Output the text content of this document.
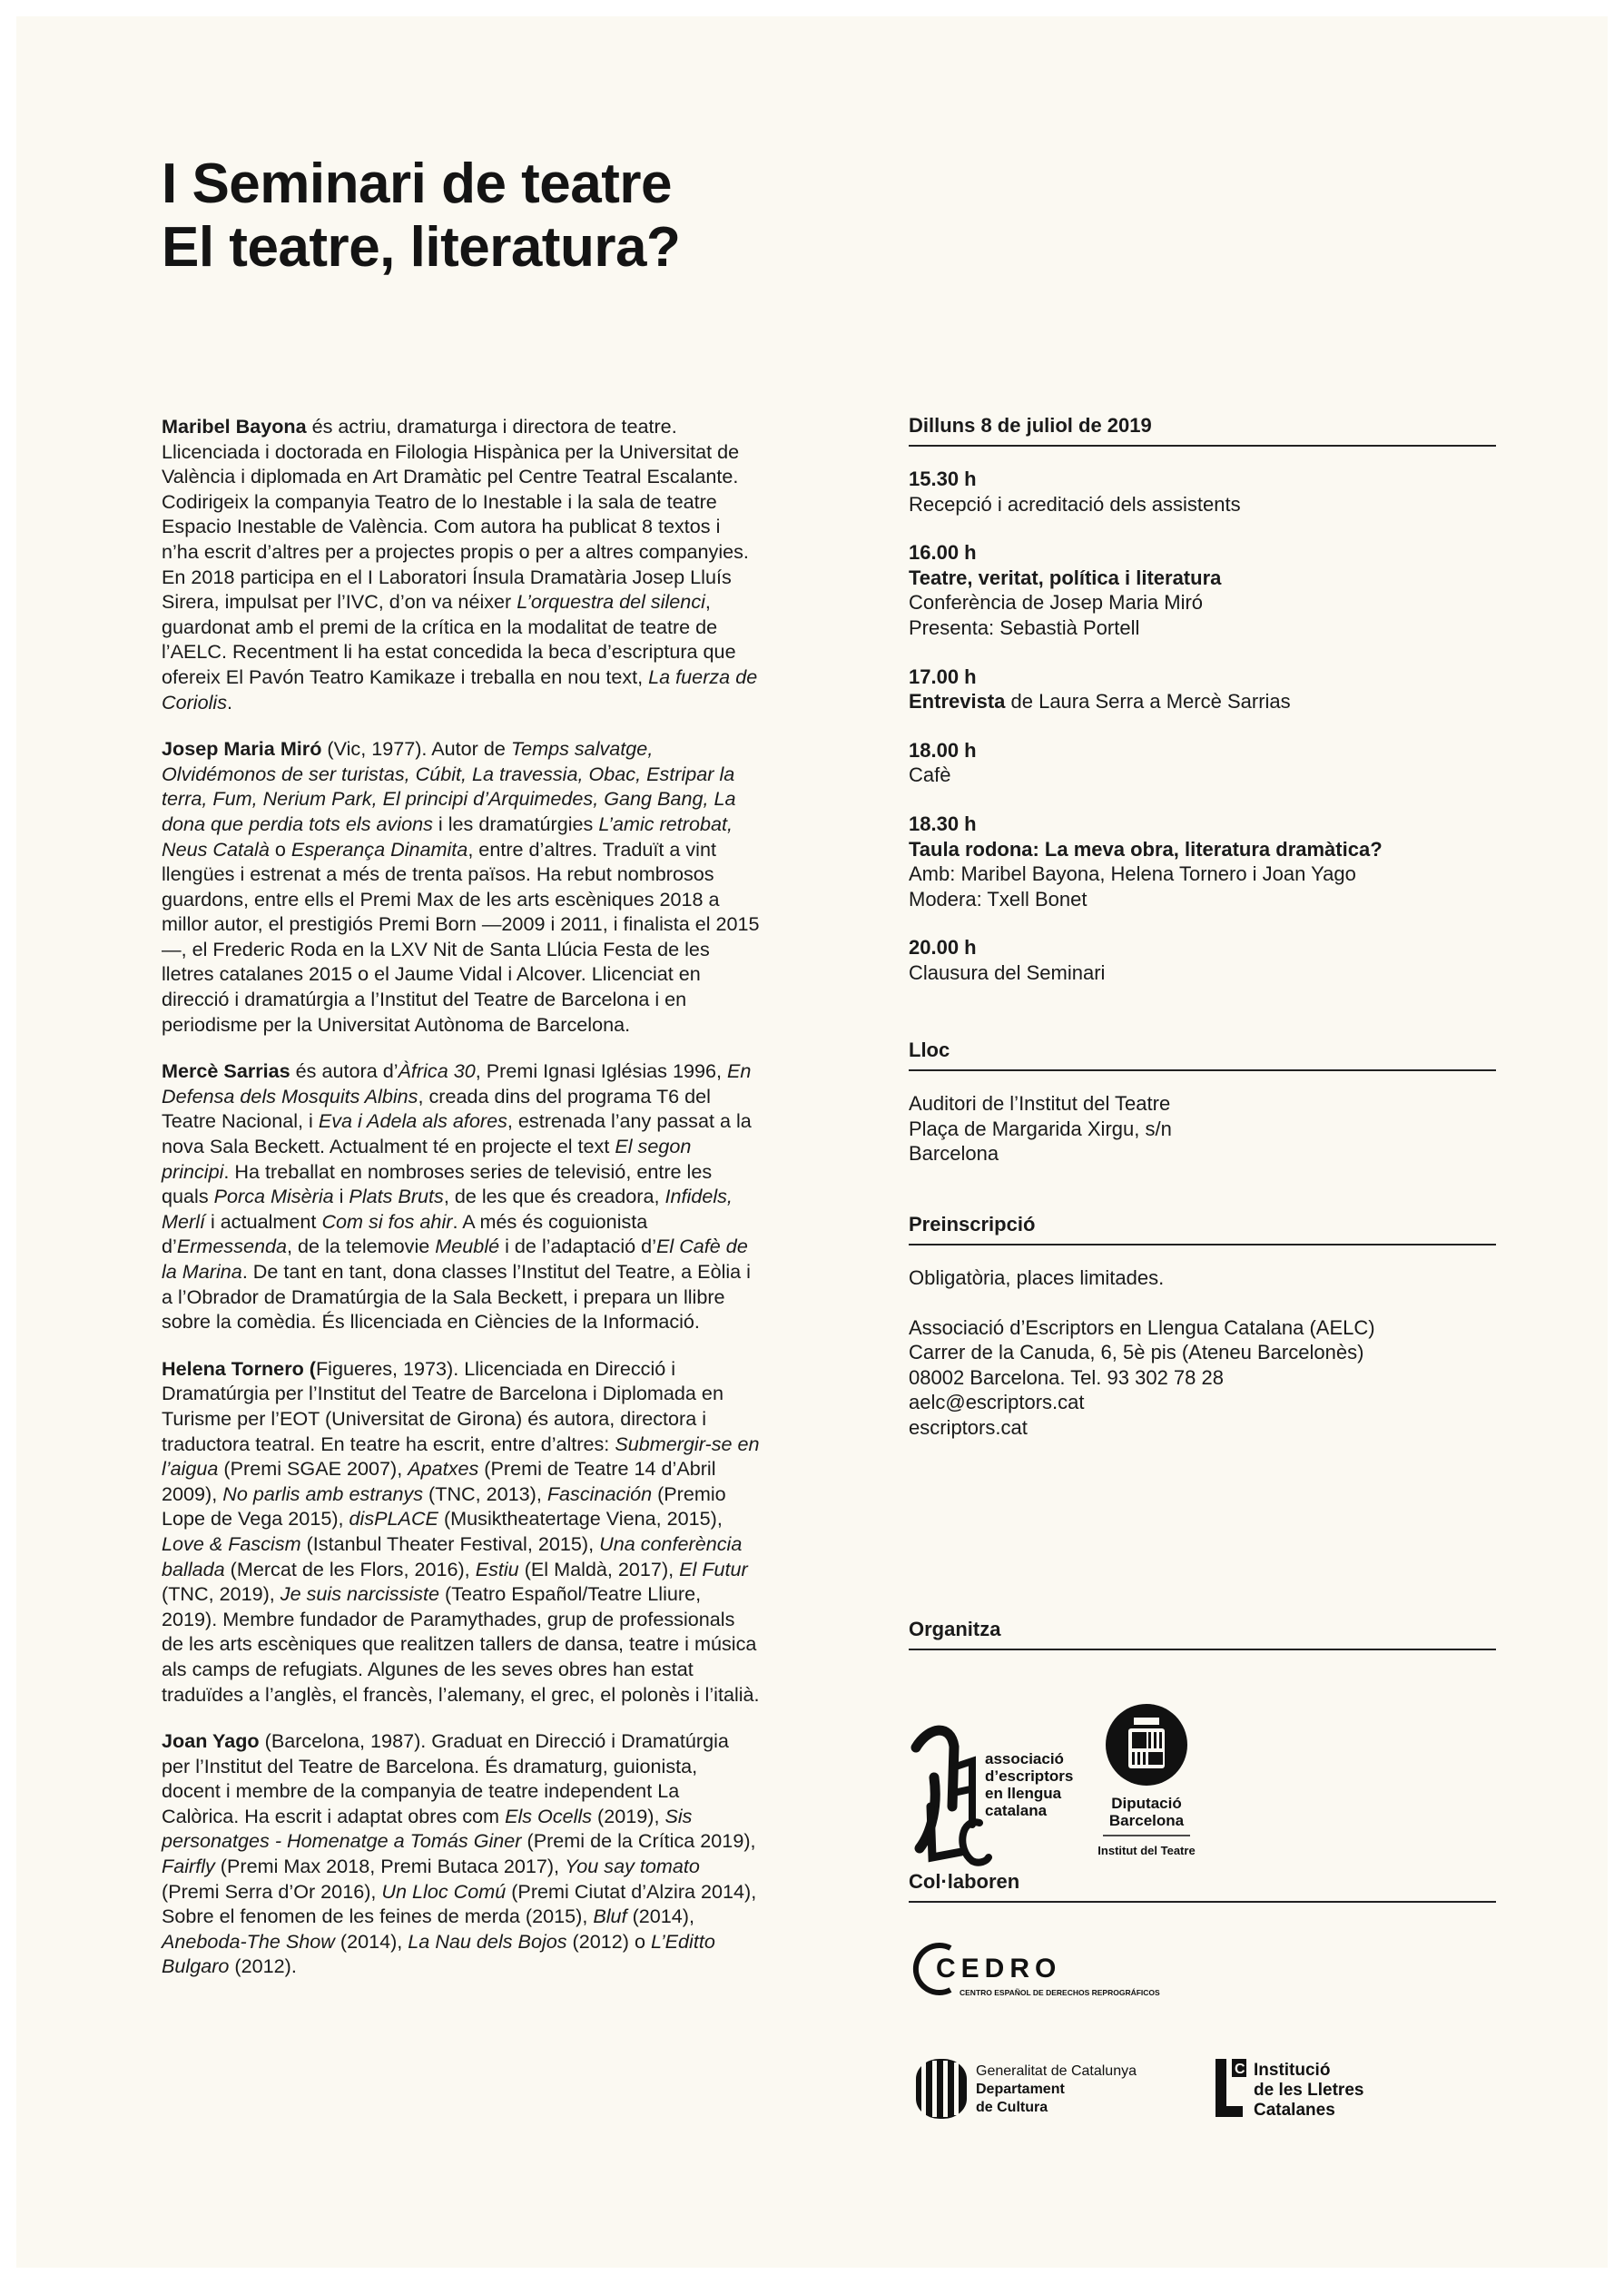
I Seminari de teatre
El teatre, literatura?

Maribel Bayona és actriu, dramaturga i directora de teatre. Llicenciada i doctorada en Filologia Hispànica per la Universitat de València i diplomada en Art Dramàtic pel Centre Teatral Escalante. Codirigeix la companyia Teatro de lo Inestable i la sala de teatre Espacio Inestable de València. Com autora ha publicat 8 textos i n’ha escrit d’altres per a projectes propis o per a altres companyies. En 2018 participa en el I Laboratori Ínsula Dramatària Josep Lluís Sirera, impulsat per l’IVC, d’on va néixer L’orquestra del silenci, guardonat amb el premi de la crítica en la modalitat de teatre de l’AELC. Recentment li ha estat concedida la beca d’escriptura que ofereix El Pavón Teatro Kamikaze i treballa en nou text, La fuerza de Coriolis.

Josep Maria Miró (Vic, 1977). Autor de Temps salvatge, Olvidémonos de ser turistas, Cúbit, La travessia, Obac, Estripar la terra, Fum, Nerium Park, El principi d’Arquimedes, Gang Bang, La dona que perdia tots els avions i les dramatúrgies L’amic retrobat, Neus Català o Esperança Dinamita, entre d’altres. Traduït a vint llengües i estrenat a més de trenta països. Ha rebut nombrosos guardons, entre ells el Premi Max de les arts escèniques 2018 a millor autor, el prestigiós Premi Born —2009 i 2011, i finalista el 2015—, el Frederic Roda en la LXV Nit de Santa Llúcia Festa de les lletres catalanes 2015 o el Jaume Vidal i Alcover. Llicenciat en direcció i dramatúrgia a l’Institut del Teatre de Barcelona i en periodisme per la Universitat Autònoma de Barcelona.

Mercè Sarrias és autora d’Àfrica 30, Premi Ignasi Iglésias 1996, En Defensa dels Mosquits Albins, creada dins del programa T6 del Teatre Nacional, i Eva i Adela als afores, estrenada l’any passat a la nova Sala Beckett. Actualment té en projecte el text El segon principi. Ha treballat en nombroses series de televisió, entre les quals Porca Misèria i Plats Bruts, de les que és creadora, Infidels, Merlí i actualment Com si fos ahir. A més és coguionista d’Ermessenda, de la telemovie Meublé i de l’adaptació d’El Cafè de la Marina. De tant en tant, dona classes l’Institut del Teatre, a Eòlia i a l’Obrador de Dramatúrgia de la Sala Beckett, i prepara un llibre sobre la comèdia. És llicenciada en Ciències de la Informació.

Helena Tornero (Figueres, 1973). Llicenciada en Direcció i Dramatúrgia per l’Institut del Teatre de Barcelona i Diplomada en Turisme per l’EOT (Universitat de Girona) és autora, directora i traductora teatral. En teatre ha escrit, entre d’altres: Submergir-se en l’aigua (Premi SGAE 2007), Apatxes (Premi de Teatre 14 d’Abril 2009), No parlis amb estranys (TNC, 2013), Fascinación (Premio Lope de Vega 2015), disPLACE (Musiktheatertage Viena, 2015), Love & Fascism (Istanbul Theater Festival, 2015), Una conferència ballada (Mercat de les Flors, 2016), Estiu (El Maldà, 2017), El Futur (TNC, 2019), Je suis narcissiste (Teatro Español/Teatre Lliure, 2019). Membre fundador de Paramythades, grup de professionals de les arts escèniques que realitzen tallers de dansa, teatre i música als camps de refugiats. Algunes de les seves obres han estat traduïdes a l’anglès, el francès, l’alemany, el grec, el polonès i l’italià.

Joan Yago (Barcelona, 1987). Graduat en Direcció i Dramatúrgia per l’Institut del Teatre de Barcelona. És dramaturg, guionista, docent i membre de la companyia de teatre independent La Calòrica. Ha escrit i adaptat obres com Els Ocells (2019), Sis personatges - Homenatge a Tomás Giner (Premi de la Crítica 2019), Fairfly (Premi Max 2018, Premi Butaca 2017), You say tomato (Premi Serra d’Or 2016), Un Lloc Comú (Premi Ciutat d’Alzira 2014), Sobre el fenomen de les feines de merda (2015), Bluf (2014), Aneboda-The Show (2014), La Nau dels Bojos (2012) o L’Editto Bulgaro (2012).

Dilluns 8 de juliol de 2019
15.30 h
Recepció i acreditació dels assistents
16.00 h
Teatre, veritat, política i literatura
Conferència de Josep Maria Miró
Presenta: Sebastià Portell
17.00 h
Entrevista de Laura Serra a Mercè Sarrias
18.00 h
Cafè
18.30 h
Taula rodona: La meva obra, literatura dramàtica?
Amb: Maribel Bayona, Helena Tornero i Joan Yago
Modera: Txell Bonet
20.00 h
Clausura del Seminari
Lloc
Auditori de l’Institut del Teatre
Plaça de Margarida Xirgu, s/n
Barcelona
Preinscripció
Obligatòria, places limitades.
Associació d’Escriptors en Llengua Catalana (AELC)
Carrer de la Canuda, 6, 5è pis (Ateneu Barcelonès)
08002 Barcelona. Tel. 93 302 78 28
aelc@escriptors.cat
escriptors.cat
Organitza
associació
d’escriptors
en llengua
catalana	Diputació
Barcelona
Institut del Teatre
Col·laboren
CEDRO
CENTRO ESPAÑOL DE DERECHOS REPROGRÁFICOS
Generalitat de Catalunya
Departament
de Cultura
C Institució
de les Lletres
Catalanes
